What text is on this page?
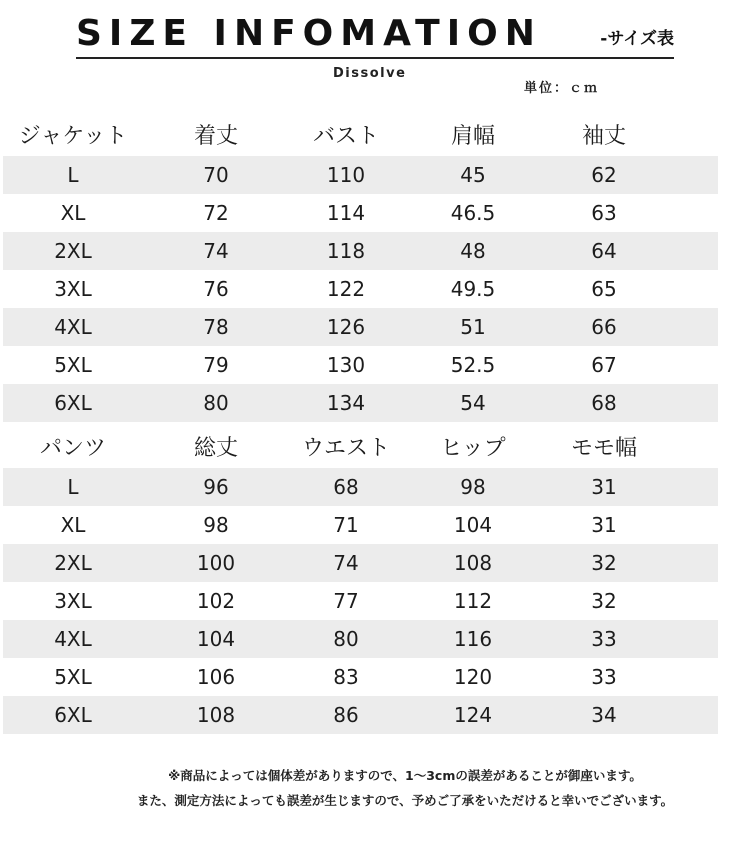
SIZE INFOMATION	-サイズ表
Dissolve
単位：ｃｍ
ジャケット	着丈	バスト	肩幅	袖丈
L	70	110	45	62
XL	72	114	46.5	63
2XL	74	118	48	64
3XL	76	122	49.5	65
4XL	78	126	51	66
5XL	79	130	52.5	67
6XL	80	134	54	68
パンツ	総丈	ウエスト	ヒップ	モモ幅
L	96	68	98	31
XL	98	71	104	31
2XL	100	74	108	32
3XL	102	77	112	32
4XL	104	80	116	33
5XL	106	83	120	33
6XL	108	86	124	34
※商品によっては個体差がありますので、1～3cmの誤差があることが御座います。
また、測定方法によっても誤差が生じますので、予めご了承をいただけると幸いでございます。
